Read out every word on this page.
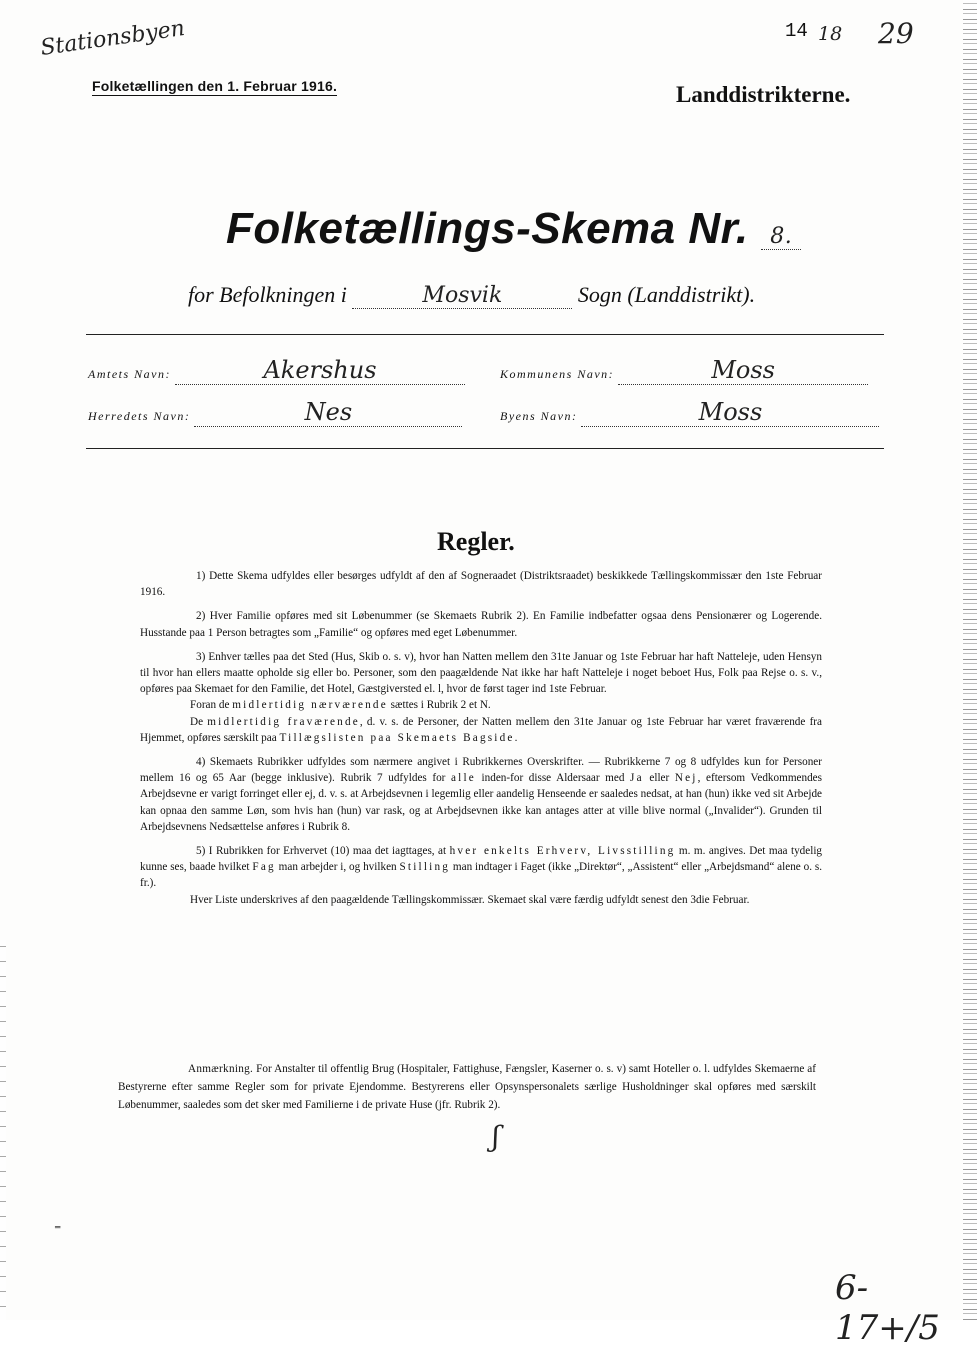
Stationsbyen	14 18 29
Folketællingen den 1. Februar 1916.	Landdistrikterne.
Folketællings-Skema Nr. 8.
for Befolkningen i	Mosvik	Sogn (Landdistrikt).
Amtets Navn:	Akershus	Kommunens Navn:	Moss
Herredets Navn:	Nes	Byens Navn:	Moss
Regler.

1) Dette Skema udfyldes eller besørges udfyldt af den af Sognerаadet (Distriktsraadet) beskikkede Tællingskommissær den 1ste Februar 1916.

2) Hver Familie opføres med sit Løbenummer (se Skemaets Rubrik 2). En Familie indbefatter ogsaa dens Pensionærer og Logerende. Husstande paa 1 Person betragtes som „Familie“ og opføres med eget Løbenummer.

3) Enhver tælles paa det Sted (Hus, Skib o. s. v), hvor han Natten mellem den 31te Januar og 1ste Februar har haft Natteleje, uden Hensyn til hvor han ellers maatte opholde sig eller bo. Personer, som den paagældende Nat ikke har haft Natteleje i noget beboet Hus, Folk paa Rejse o. s. v., opføres paa Skemaet for den Familie, det Hotel, Gæstgiversted el. l, hvor de først tager ind 1ste Februar.

Foran de midlertidig nærværende sættes i Rubrik 2 et N.

De midlertidig fraværende, d. v. s. de Personer, der Natten mellem den 31te Januar og 1ste Februar har været fraværende fra Hjemmet, opføres særskilt paa Tillægslisten paa Skemaets Bagside.

4) Skemaets Rubrikker udfyldes som nærmere angivet i Rubrikkernes Overskrifter. — Rubrikkerne 7 og 8 udfyldes kun for Personer mellem 16 og 65 Aar (begge inklusive). Rubrik 7 udfyldes for alle inden-for disse Aldersaar med Ja eller Nej, eftersom Vedkommendes Arbejdsevne er varigt forringet eller ej, d. v. s. at Arbejdsevnen i legemlig eller aandelig Henseende er saaledes nedsat, at han (hun) ikke ved sit Arbejde kan opnaa den samme Løn, som hvis han (hun) var rask, og at Arbejdsevnen ikke kan antages atter at ville blive normal („Invalider“). Grunden til Arbejdsevnens Nedsættelse anføres i Rubrik 8.

5) I Rubrikken for Erhvervet (10) maa det iagttages, at hver enkelts Erhverv, Livsstilling m. m. angives. Det maa tydelig kunne ses, baade hvilket Fag man arbejder i, og hvilken Stilling man indtager i Faget (ikke „Direktør“, „Assistent“ eller „Arbejdsmand“ alene o. s. fr.).

Hver Liste underskrives af den paagældende Tællingskommissær. Skemaet skal være færdig udfyldt senest den 3die Februar.

Anmærkning. For Anstalter til offentlig Brug (Hospitaler, Fattighuse, Fængsler, Kaserner o. s. v) samt Hoteller o. l. udfyldes Skemaerne af Bestyrerne efter samme Regler som for private Ejendomme. Bestyrerens eller Opsynspersonalets særlige Husholdninger skal opføres med særskilt Løbenummer, saaledes som det sker med Familierne i de private Huse (jfr. Rubrik 2).

ʃ
⁼
6- 17+/5
